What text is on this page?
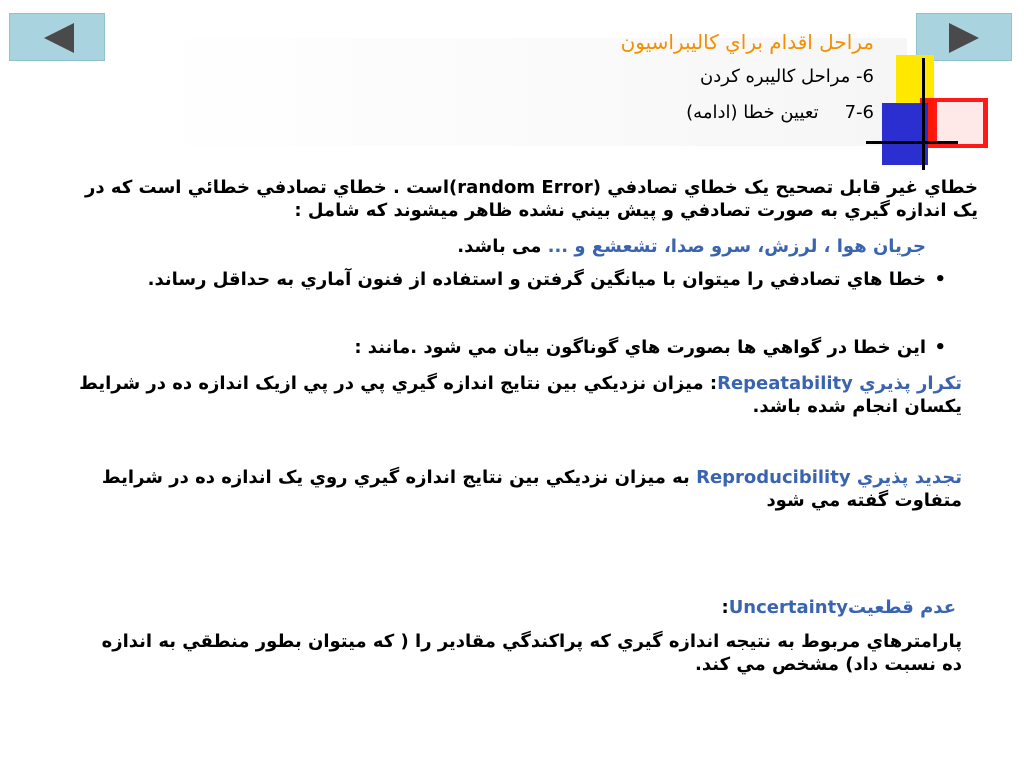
مراحل اقدام براي كاليبراسيون
6- مراحل كاليبره كردن
7-6تعيين خطا (ادامه)
خطاي غير قابل تصحيح يک خطاي تصادفي (random Error)است . خطاي تصادفي خطائي است که در يک اندازه گيري به صورت تصادفي و پيش بيني نشده ظاهر ميشوند که شامل :
جريان هوا ، لرزش، سرو صدا، تشعشع و ... می باشد.
• خطا هاي تصادفي را ميتوان با ميانگين گرفتن و استفاده از فنون آماري به حداقل رساند.
• اين خطا در گواهي ها بصورت هاي گوناگون بيان مي شود .مانند :
تكرار پذيري Repeatability: ميزان نزديكي بين نتايج اندازه گيري پي در پي ازيک اندازه ده در شرايط يکسان انجام شده باشد.
تجديد پذيري Reproducibility به ميزان نزديكي بين نتايج اندازه گيري روي يک اندازه ده در شرايط متفاوت گفته مي شود
عدم قطعيتUncertainty:
پارامترهاي مربوط به نتيجه اندازه گيري که پراکندگي مقادير را ( كه ميتوان بطور منطقي به اندازه ده نسبت داد) مشخص مي کند.
